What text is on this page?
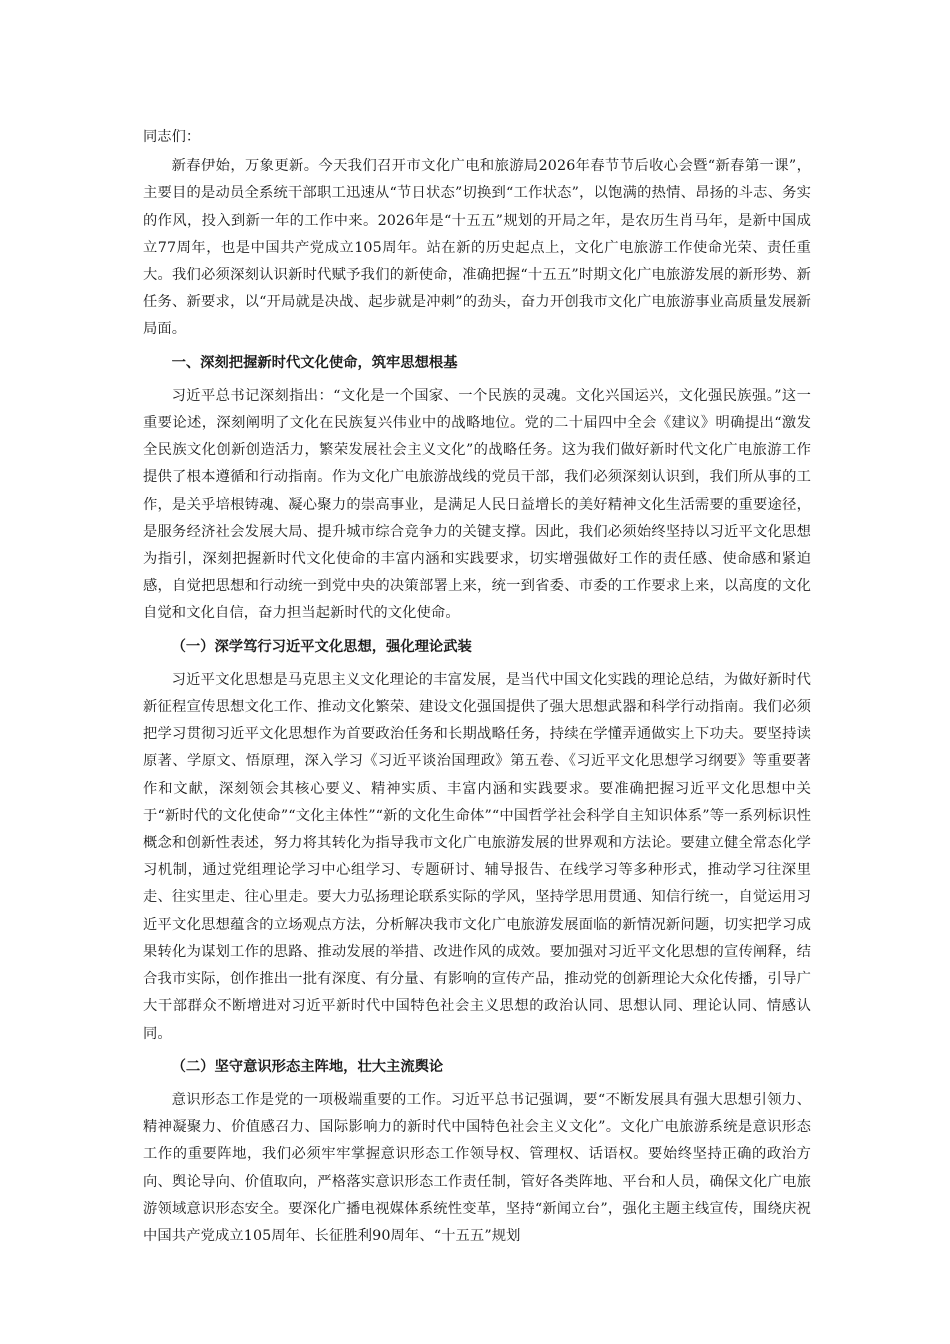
同志们：

新春伊始，万象更新。今天我们召开市文化广电和旅游局2026年春节节后收心会暨“新春第一课”，主要目的是动员全系统干部职工迅速从“节日状态”切换到“工作状态”，以饱满的热情、昂扬的斗志、务实的作风，投入到新一年的工作中来。2026年是“十五五”规划的开局之年，是农历生肖马年，是新中国成立77周年，也是中国共产党成立105周年。站在新的历史起点上，文化广电旅游工作使命光荣、责任重大。我们必须深刻认识新时代赋予我们的新使命，准确把握“十五五”时期文化广电旅游发展的新形势、新任务、新要求，以“开局就是决战、起步就是冲刺”的劲头，奋力开创我市文化广电旅游事业高质量发展新局面。

一、深刻把握新时代文化使命，筑牢思想根基

习近平总书记深刻指出：“文化是一个国家、一个民族的灵魂。文化兴国运兴，文化强民族强。”这一重要论述，深刻阐明了文化在民族复兴伟业中的战略地位。党的二十届四中全会《建议》明确提出“激发全民族文化创新创造活力，繁荣发展社会主义文化”的战略任务。这为我们做好新时代文化广电旅游工作提供了根本遵循和行动指南。作为文化广电旅游战线的党员干部，我们必须深刻认识到，我们所从事的工作，是关乎培根铸魂、凝心聚力的崇高事业，是满足人民日益增长的美好精神文化生活需要的重要途径，是服务经济社会发展大局、提升城市综合竞争力的关键支撑。因此，我们必须始终坚持以习近平文化思想为指引，深刻把握新时代文化使命的丰富内涵和实践要求，切实增强做好工作的责任感、使命感和紧迫感，自觉把思想和行动统一到党中央的决策部署上来，统一到省委、市委的工作要求上来，以高度的文化自觉和文化自信，奋力担当起新时代的文化使命。

（一）深学笃行习近平文化思想，强化理论武装

习近平文化思想是马克思主义文化理论的丰富发展，是当代中国文化实践的理论总结，为做好新时代新征程宣传思想文化工作、推动文化繁荣、建设文化强国提供了强大思想武器和科学行动指南。我们必须把学习贯彻习近平文化思想作为首要政治任务和长期战略任务，持续在学懂弄通做实上下功夫。要坚持读原著、学原文、悟原理，深入学习《习近平谈治国理政》第五卷、《习近平文化思想学习纲要》等重要著作和文献，深刻领会其核心要义、精神实质、丰富内涵和实践要求。要准确把握习近平文化思想中关于“新时代的文化使命”“文化主体性”“新的文化生命体”“中国哲学社会科学自主知识体系”等一系列标识性概念和创新性表述，努力将其转化为指导我市文化广电旅游发展的世界观和方法论。要建立健全常态化学习机制，通过党组理论学习中心组学习、专题研讨、辅导报告、在线学习等多种形式，推动学习往深里走、往实里走、往心里走。要大力弘扬理论联系实际的学风，坚持学思用贯通、知信行统一，自觉运用习近平文化思想蕴含的立场观点方法，分析解决我市文化广电旅游发展面临的新情况新问题，切实把学习成果转化为谋划工作的思路、推动发展的举措、改进作风的成效。要加强对习近平文化思想的宣传阐释，结合我市实际，创作推出一批有深度、有分量、有影响的宣传产品，推动党的创新理论大众化传播，引导广大干部群众不断增进对习近平新时代中国特色社会主义思想的政治认同、思想认同、理论认同、情感认同。

（二）坚守意识形态主阵地，壮大主流舆论

意识形态工作是党的一项极端重要的工作。习近平总书记强调，要“不断发展具有强大思想引领力、精神凝聚力、价值感召力、国际影响力的新时代中国特色社会主义文化”。文化广电旅游系统是意识形态工作的重要阵地，我们必须牢牢掌握意识形态工作领导权、管理权、话语权。要始终坚持正确的政治方向、舆论导向、价值取向，严格落实意识形态工作责任制，管好各类阵地、平台和人员，确保文化广电旅游领域意识形态安全。要深化广播电视媒体系统性变革，坚持“新闻立台”，强化主题主线宣传，围绕庆祝中国共产党成立105周年、长征胜利90周年、“十五五”规划
